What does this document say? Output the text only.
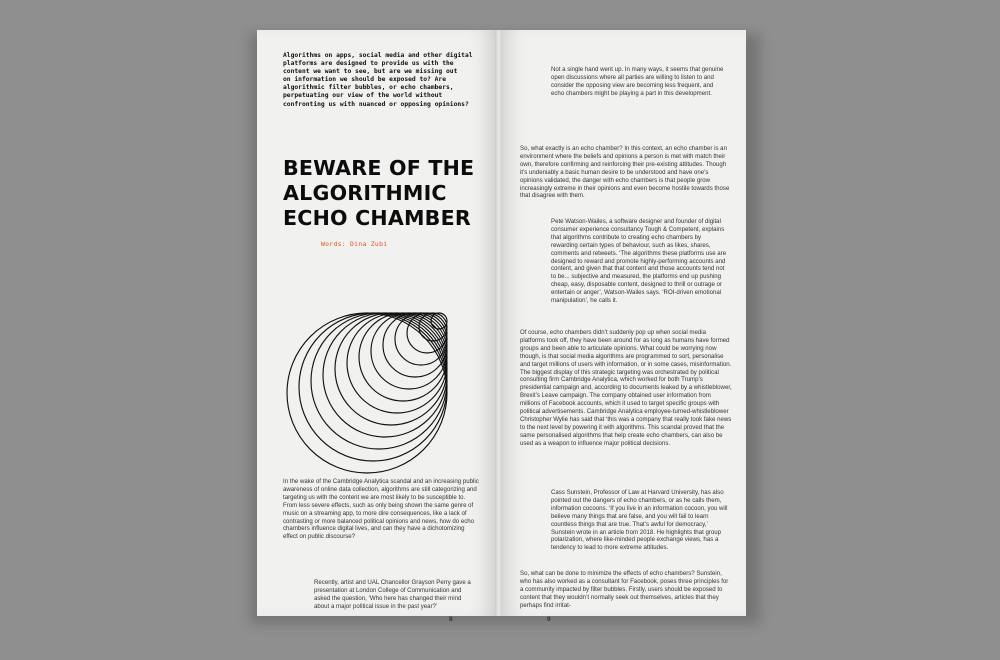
Algorithms on apps, social media and other digital
platforms are designed to provide us with the
content we want to see, but are we missing out
on information we should be exposed to? Are
algorithmic filter bubbles, or echo chambers,
perpetuating our view of the world without
confronting us with nuanced or opposing opinions?
BEWARE OF THE
ALGORITHMIC
ECHO CHAMBER
Words: Dina Zubi

In the wake of the Cambridge Analytica scandal and an increasing public awareness of online data collection, algorithms are still categorizing and targeting us with the content we are most likely to be susceptible to. From less severe effects, such as only being shown the same genre of music on a streaming app, to more dire consequences, like a lack of contrasting or more balanced political opinions and news, how do echo chambers influence digital lives, and can they have a dichotomizing effect on public discourse?

Recently, artist and UAL Chancellor Grayson Perry gave a presentation at London College of Communication and asked the question, ‘Who here has changed their mind about a major political issue in the past year?’

8

Not a single hand went up. In many ways, it seems that genuine open discussions where all parties are willing to listen to and consider the opposing view are becoming less frequent, and echo chambers might be playing a part in this development.

So, what exactly is an echo chamber? In this context, an echo chamber is an environment where the beliefs and opinions a person is met with match their own, therefore confirming and reinforcing their pre-existing attitudes. Though it’s undeniably a basic human desire to be understood and have one’s opinions validated, the danger with echo chambers is that people grow increasingly extreme in their opinions and even become hostile towards those that disagree with them.

Pete Watson-Wailes, a software designer and founder of digital consumer experience consultancy Tough & Competent, explains that algorithms contribute to creating echo chambers by rewarding certain types of behaviour, such as likes, shares, comments and retweets. ‘The algorithms these platforms use are designed to reward and promote highly-performing accounts and content, and given that that content and those accounts tend not to be... subjective and measured, the platforms end up pushing cheap, easy, disposable content, designed to thrill or outrage or entertain or anger’, Watson-Wailes says. ‘ROI-driven emotional manipulation’, he calls it.

Of course, echo chambers didn’t suddenly pop up when social media platforms took off, they have been around for as long as humans have formed groups and been able to articulate opinions. What could be worrying now though, is that social media algorithms are programmed to sort, personalise and target millions of users with information, or in some cases, misinformation. The biggest display of this strategic targeting was orchestrated by political consulting firm Cambridge Analytica, which worked for both Trump’s presidential campaign and, according to documents leaked by a whistleblower, Brexit’s Leave campaign. The company obtained user information from millions of Facebook accounts, which it used to target specific groups with political advertisements. Cambridge Analytica employee-turned-whistleblower Christopher Wylie has said that ‘this was a company that really took fake news to the next level by powering it with algorithms. This scandal proved that the same personalised algorithms that help create echo chambers, can also be used as a weapon to influence major political decisions.

Cass Sunstein, Professor of Law at Harvard University, has also pointed out the dangers of echo chambers, or as he calls them, information cocoons. ‘If you live in an information cocoon, you will believe many things that are false, and you will fail to learn countless things that are true. That’s awful for democracy,’ Sunstein wrote in an article from 2018. He highlights that group polarization, where like-minded people exchange views, has a tendency to lead to more extreme attitudes.

So, what can be done to minimize the effects of echo chambers? Sunstein, who has also worked as a consultant for Facebook, poses three principles for a community impacted by filter bubbles. Firstly, users should be exposed to content that they wouldn’t normally seek out themselves, articles that they perhaps find irritat-

9
